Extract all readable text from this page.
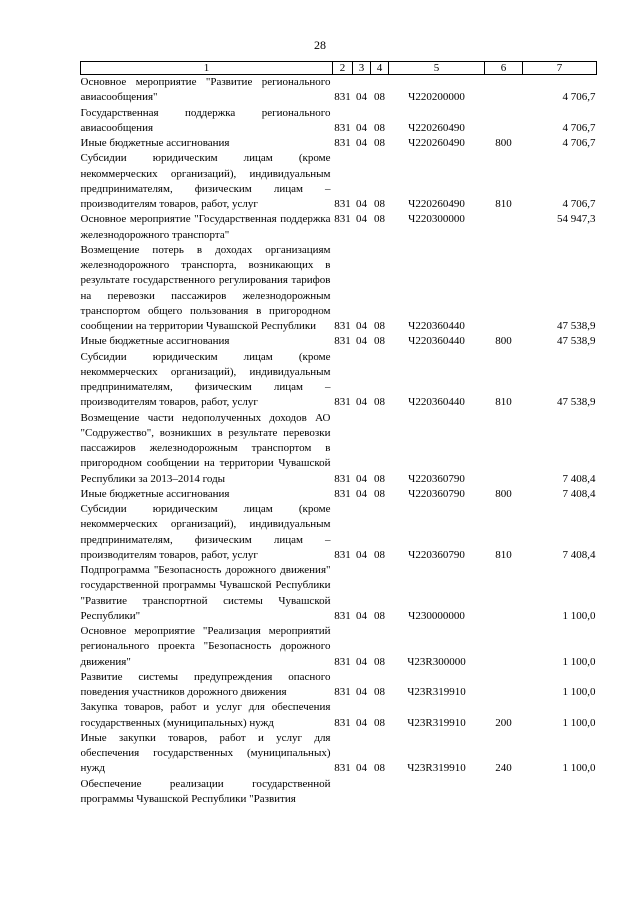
28
1	2	3	4	5	6	7
Основное мероприятие "Развитие регионального авиасообщения"	831	04	08	Ч220200000		4 706,7
Государственная поддержка регионального авиасообщения	831	04	08	Ч220260490		4 706,7
Иные бюджетные ассигнования	831	04	08	Ч220260490	800	4 706,7
Субсидии юридическим лицам (кроме некоммерческих организаций), индивидуальным предпринимателям, физическим лицам – производителям товаров, работ, услуг	831	04	08	Ч220260490	810	4 706,7
Основное мероприятие "Государственная поддержка железнодорожного транспорта"	831	04	08	Ч220300000		54 947,3
Возмещение потерь в доходах организациям железнодорожного транспорта, возникающих в результате государственного регулирования тарифов на перевозки пассажиров железнодорожным транспортом общего пользования в пригородном сообщении на территории Чувашской Республики	831	04	08	Ч220360440		47 538,9
Иные бюджетные ассигнования	831	04	08	Ч220360440	800	47 538,9
Субсидии юридическим лицам (кроме некоммерческих организаций), индивидуальным предпринимателям, физическим лицам – производителям товаров, работ, услуг	831	04	08	Ч220360440	810	47 538,9
Возмещение части недополученных доходов АО "Содружество", возникших в результате перевозки пассажиров железнодорожным транспортом в пригородном сообщении на территории Чувашской Республики за 2013–2014 годы	831	04	08	Ч220360790		7 408,4
Иные бюджетные ассигнования	831	04	08	Ч220360790	800	7 408,4
Субсидии юридическим лицам (кроме некоммерческих организаций), индивидуальным предпринимателям, физическим лицам – производителям товаров, работ, услуг	831	04	08	Ч220360790	810	7 408,4
Подпрограмма "Безопасность дорожного движения" государственной программы Чувашской Республики "Развитие транспортной системы Чувашской Республики"	831	04	08	Ч230000000		1 100,0
Основное мероприятие "Реализация мероприятий регионального проекта "Безопасность дорожного движения"	831	04	08	Ч23R300000		1 100,0
Развитие системы предупреждения опасного поведения участников дорожного движения	831	04	08	Ч23R319910		1 100,0
Закупка товаров, работ и услуг для обеспечения государственных (муниципальных) нужд	831	04	08	Ч23R319910	200	1 100,0
Иные закупки товаров, работ и услуг для обеспечения государственных (муниципальных) нужд	831	04	08	Ч23R319910	240	1 100,0
Обеспечение реализации государственной программы Чувашской Республики "Развития						
